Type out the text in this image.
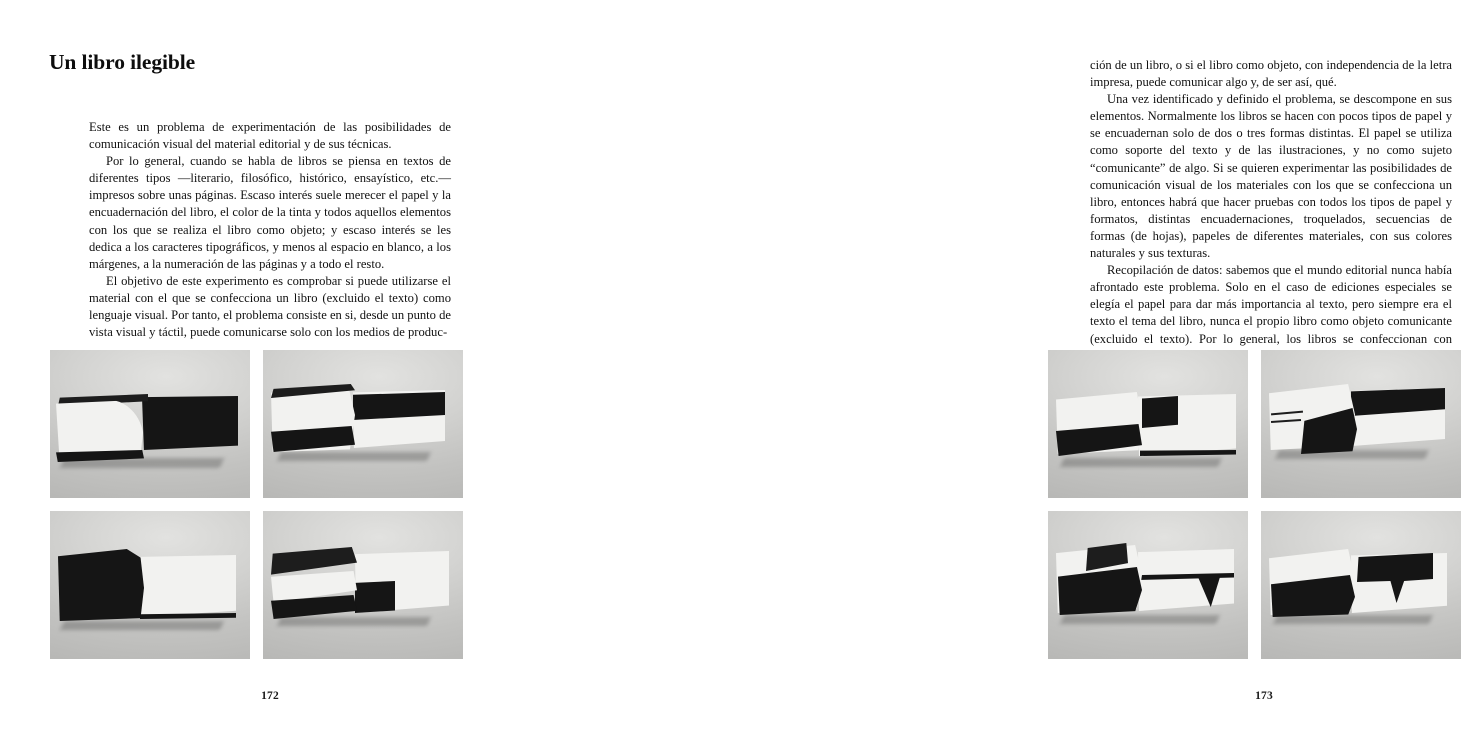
Un libro ilegible

Este es un problema de experimentación de las posibilidades de comunicación visual del material editorial y de sus técnicas.

Por lo general, cuando se habla de libros se piensa en textos de diferentes tipos —literario, filosófico, histórico, ensayístico, etc.— impresos sobre unas páginas. Escaso interés suele merecer el papel y la encuadernación del libro, el color de la tinta y todos aquellos elementos con los que se realiza el libro como objeto; y escaso interés se les dedica a los caracteres tipográficos, y menos al espacio en blanco, a los márgenes, a la numeración de las páginas y a todo el resto.

El objetivo de este experimento es comprobar si puede utilizarse el material con el que se confecciona un libro (excluido el texto) como lenguaje visual. Por tanto, el problema consiste en si, desde un punto de vista visual y táctil, puede comunicarse solo con los medios de produc-

172

ción de un libro, o si el libro como objeto, con independencia de la letra impresa, puede comunicar algo y, de ser así, qué.

Una vez identificado y definido el problema, se descompone en sus elementos. Normalmente los libros se hacen con pocos tipos de papel y se encuadernan solo de dos o tres formas distintas. El papel se utiliza como soporte del texto y de las ilustraciones, y no como sujeto “comunicante” de algo. Si se quieren experimentar las posibilidades de comunicación visual de los materiales con los que se confecciona un libro, entonces habrá que hacer pruebas con todos los tipos de papel y formatos, distintas encuadernaciones, troquelados, secuencias de formas (de hojas), papeles de diferentes materiales, con sus colores naturales y sus texturas.

Recopilación de datos: sabemos que el mundo editorial nunca había afrontado este problema. Solo en el caso de ediciones especiales se elegía el papel para dar más importancia al texto, pero siempre era el texto el tema del libro, nunca el propio libro como objeto comunicante (excluido el texto). Por lo general, los libros se confeccionan con

173
